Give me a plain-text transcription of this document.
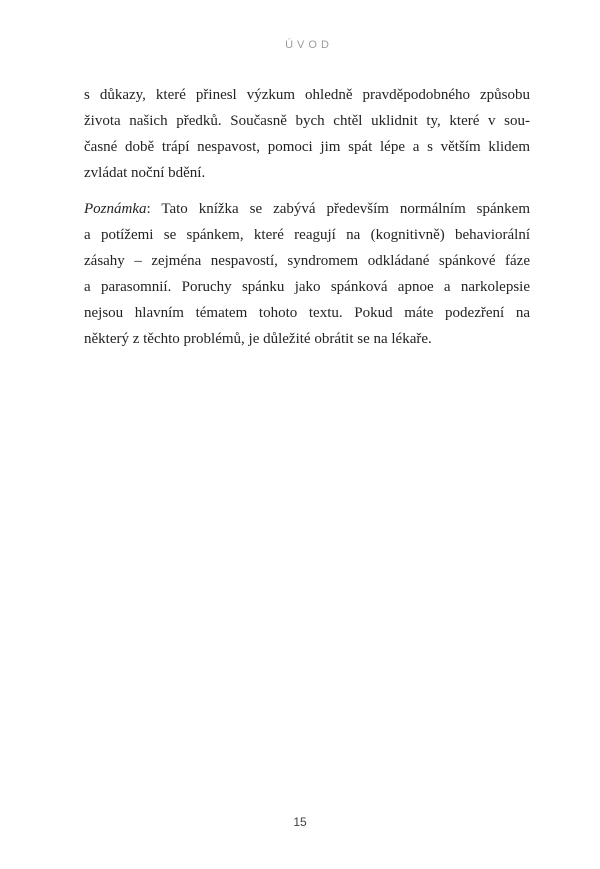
ÚVOD
s důkazy, které přinesl výzkum ohledně pravděpodobného způsobu
života našich předků. Současně bych chtěl uklidnit ty, které v sou-
časné době trápí nespavost, pomoci jim spát lépe a s větším klidem
zvládat noční bdění.
Poznámka: Tato knížka se zabývá především normálním spánkem
a potížemi se spánkem, které reagují na (kognitivně) behaviorální
zásahy – zejména nespavostí, syndromem odkládané spánkové fáze
a parasomnií. Poruchy spánku jako spánková apnoe a narkolepsie
nejsou hlavním tématem tohoto textu. Pokud máte podezření na
některý z těchto problémů, je důležité obrátit se na lékaře.
15
